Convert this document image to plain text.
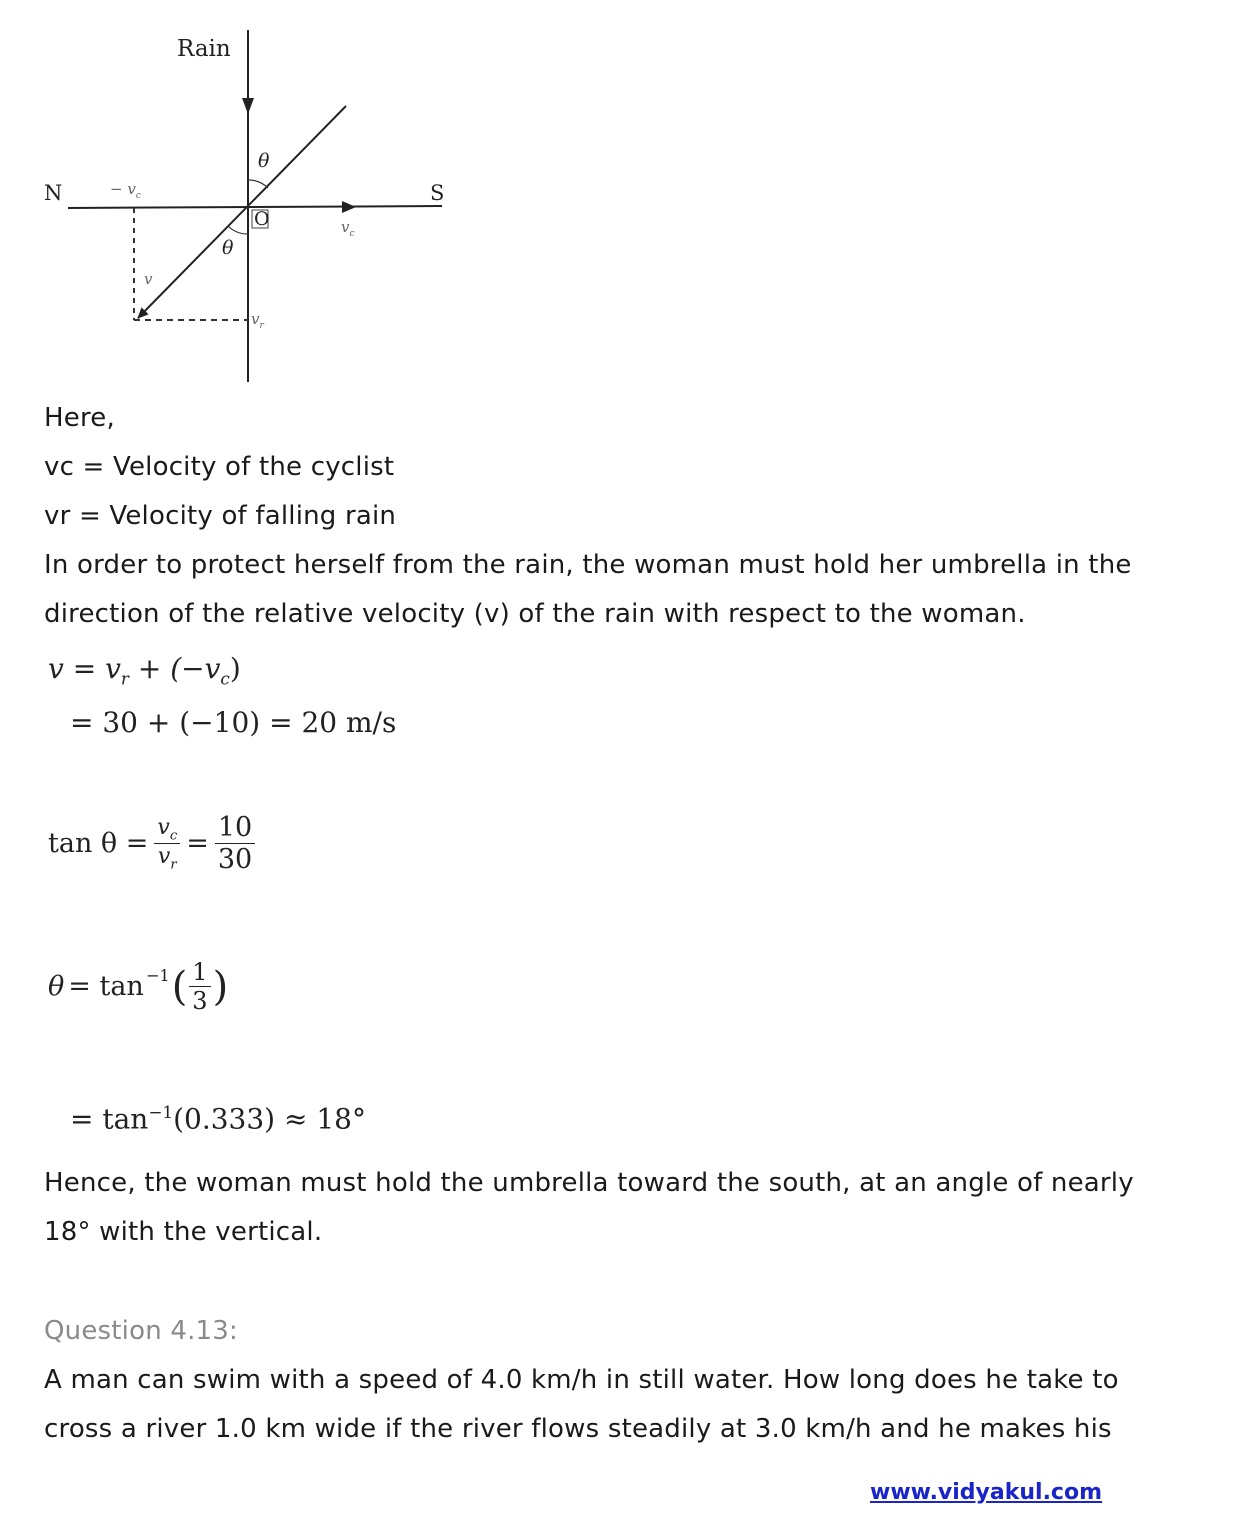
Rain
N	S
O
θ
θ
− $v_c$
$v_c$
$v_r$
v
Here,
vc = Velocity of the cyclist
vr = Velocity of falling rain
In order to protect herself from the rain, the woman must hold her umbrella in the
direction of the relative velocity (v) of the rain with respect to the woman.
$v = v_r + (-v_c)$
= 30 + (−10) = 20 m/s
$\tan \theta = \frac{v_c}{v_r} = \frac{10}{30}$
$\theta = \tan^{-1}$ ( $\frac{1}{3}$ )
= $\tan^{-1}(0.333) \approx 18^\circ$
Hence, the woman must hold the umbrella toward the south, at an angle of nearly
18° with the vertical.
Question 4.13:
A man can swim with a speed of 4.0 km/h in still water. How long does he take to
cross a river 1.0 km wide if the river flows steadily at 3.0 km/h and he makes his
www.vidyakul.com
